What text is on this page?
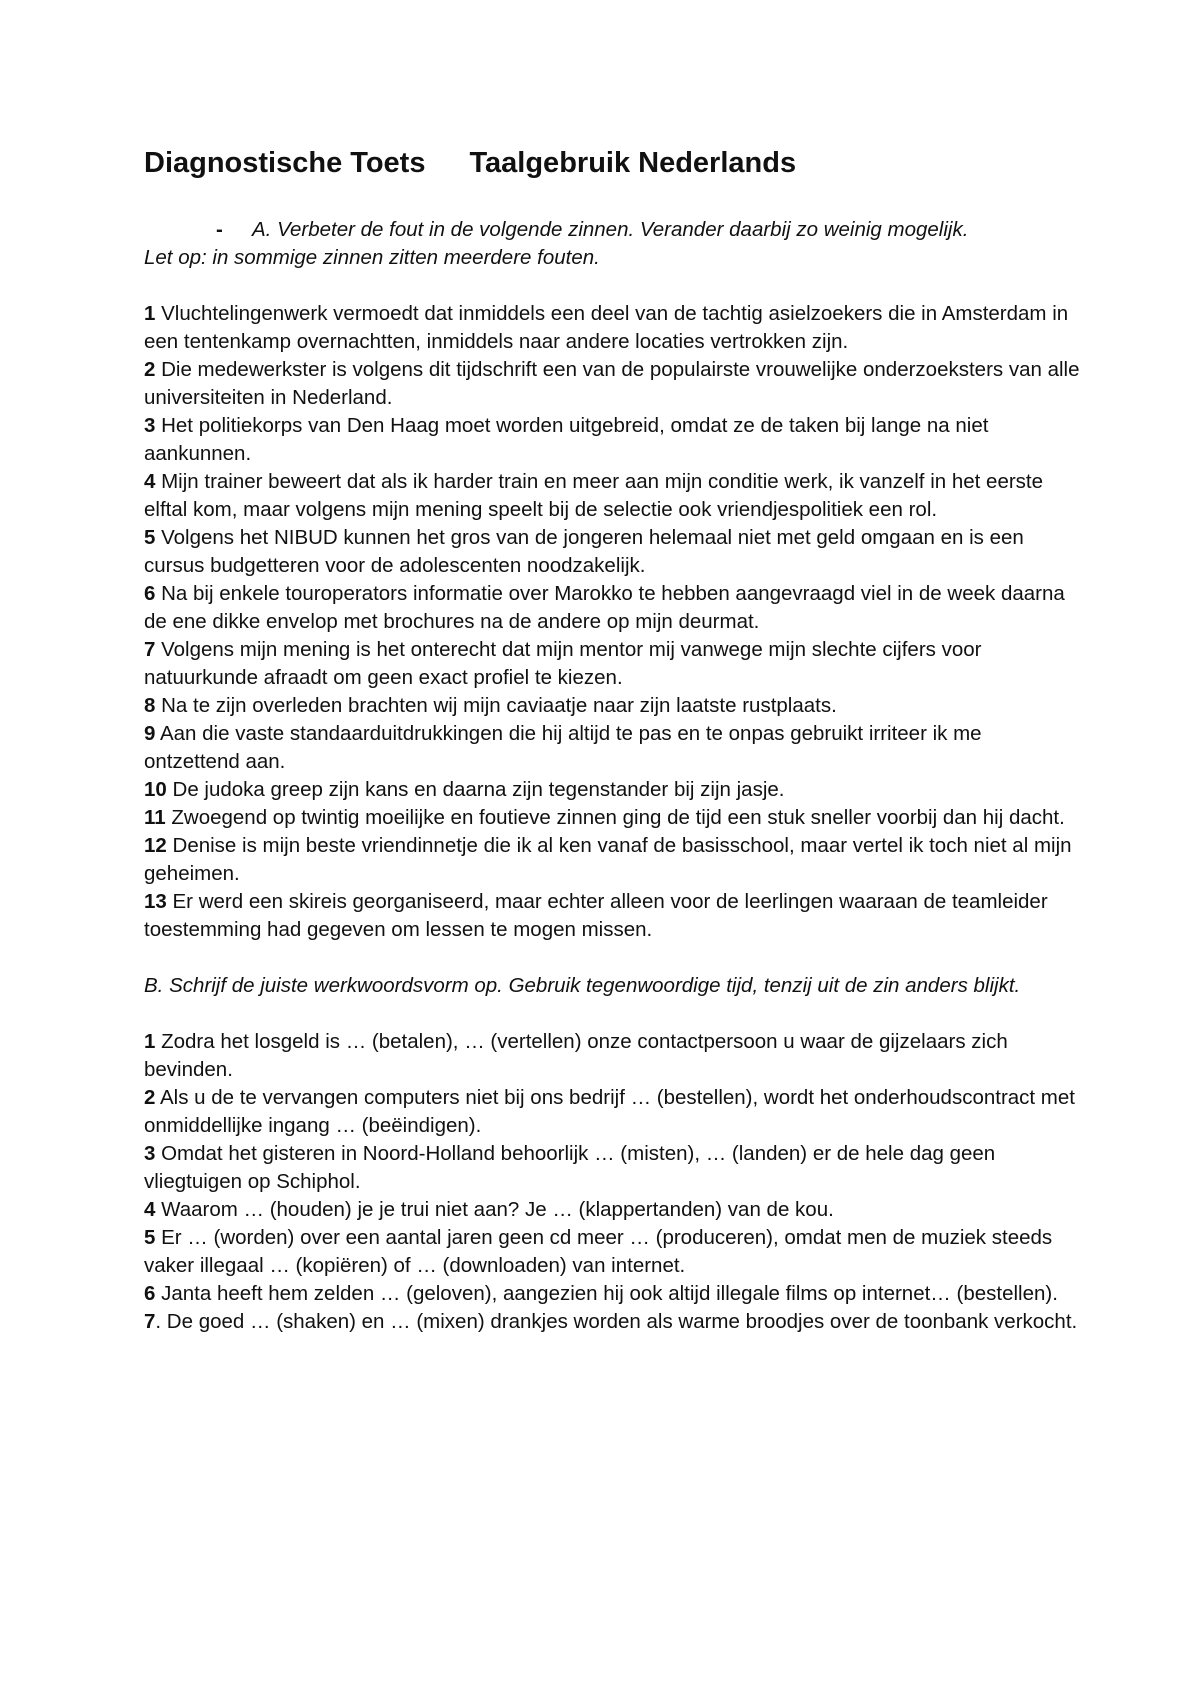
Diagnostische Toets Taalgebruik Nederlands
- A. Verbeter de fout in de volgende zinnen. Verander daarbij zo weinig mogelijk.
Let op: in sommige zinnen zitten meerdere fouten.
1 Vluchtelingenwerk vermoedt dat inmiddels een deel van de tachtig asielzoekers die in Amsterdam in een tentenkamp overnachtten, inmiddels naar andere locaties vertrokken zijn.
2 Die medewerkster is volgens dit tijdschrift een van de populairste vrouwelijke onderzoeksters van alle universiteiten in Nederland.
3 Het politiekorps van Den Haag moet worden uitgebreid, omdat ze de taken bij lange na niet aankunnen.
4 Mijn trainer beweert dat als ik harder train en meer aan mijn conditie werk, ik vanzelf in het eerste elftal kom, maar volgens mijn mening speelt bij de selectie ook vriendjespolitiek een rol.
5 Volgens het NIBUD kunnen het gros van de jongeren helemaal niet met geld omgaan en is een cursus budgetteren voor de adolescenten noodzakelijk.
6 Na bij enkele touroperators informatie over Marokko te hebben aangevraagd viel in de week daarna de ene dikke envelop met brochures na de andere op mijn deurmat.
7 Volgens mijn mening is het onterecht dat mijn mentor mij vanwege mijn slechte cijfers voor natuurkunde afraadt om geen exact profiel te kiezen.
8 Na te zijn overleden brachten wij mijn caviaatje naar zijn laatste rustplaats.
9 Aan die vaste standaarduitdrukkingen die hij altijd te pas en te onpas gebruikt irriteer ik me ontzettend aan.
10 De judoka greep zijn kans en daarna zijn tegenstander bij zijn jasje.
11 Zwoegend op twintig moeilijke en foutieve zinnen ging de tijd een stuk sneller voorbij dan hij dacht.
12 Denise is mijn beste vriendinnetje die ik al ken vanaf de basisschool, maar vertel ik toch niet al mijn geheimen.
13 Er werd een skireis georganiseerd, maar echter alleen voor de leerlingen waaraan de teamleider toestemming had gegeven om lessen te mogen missen.
B. Schrijf de juiste werkwoordsvorm op. Gebruik tegenwoordige tijd, tenzij uit de zin anders blijkt.
1 Zodra het losgeld is … (betalen), … (vertellen) onze contactpersoon u waar de gijzelaars zich bevinden.
2 Als u de te vervangen computers niet bij ons bedrijf … (bestellen), wordt het onderhoudscontract met onmiddellijke ingang … (beëindigen).
3 Omdat het gisteren in Noord-Holland behoorlijk … (misten), … (landen) er de hele dag geen vliegtuigen op Schiphol.
4 Waarom … (houden) je je trui niet aan? Je … (klappertanden) van de kou.
5 Er … (worden) over een aantal jaren geen cd meer … (produceren), omdat men de muziek steeds vaker illegaal … (kopiëren) of … (downloaden) van internet.
6 Janta heeft hem zelden … (geloven), aangezien hij ook altijd illegale films op internet… (bestellen).
7. De goed … (shaken) en … (mixen) drankjes worden als warme broodjes over de toonbank verkocht.
